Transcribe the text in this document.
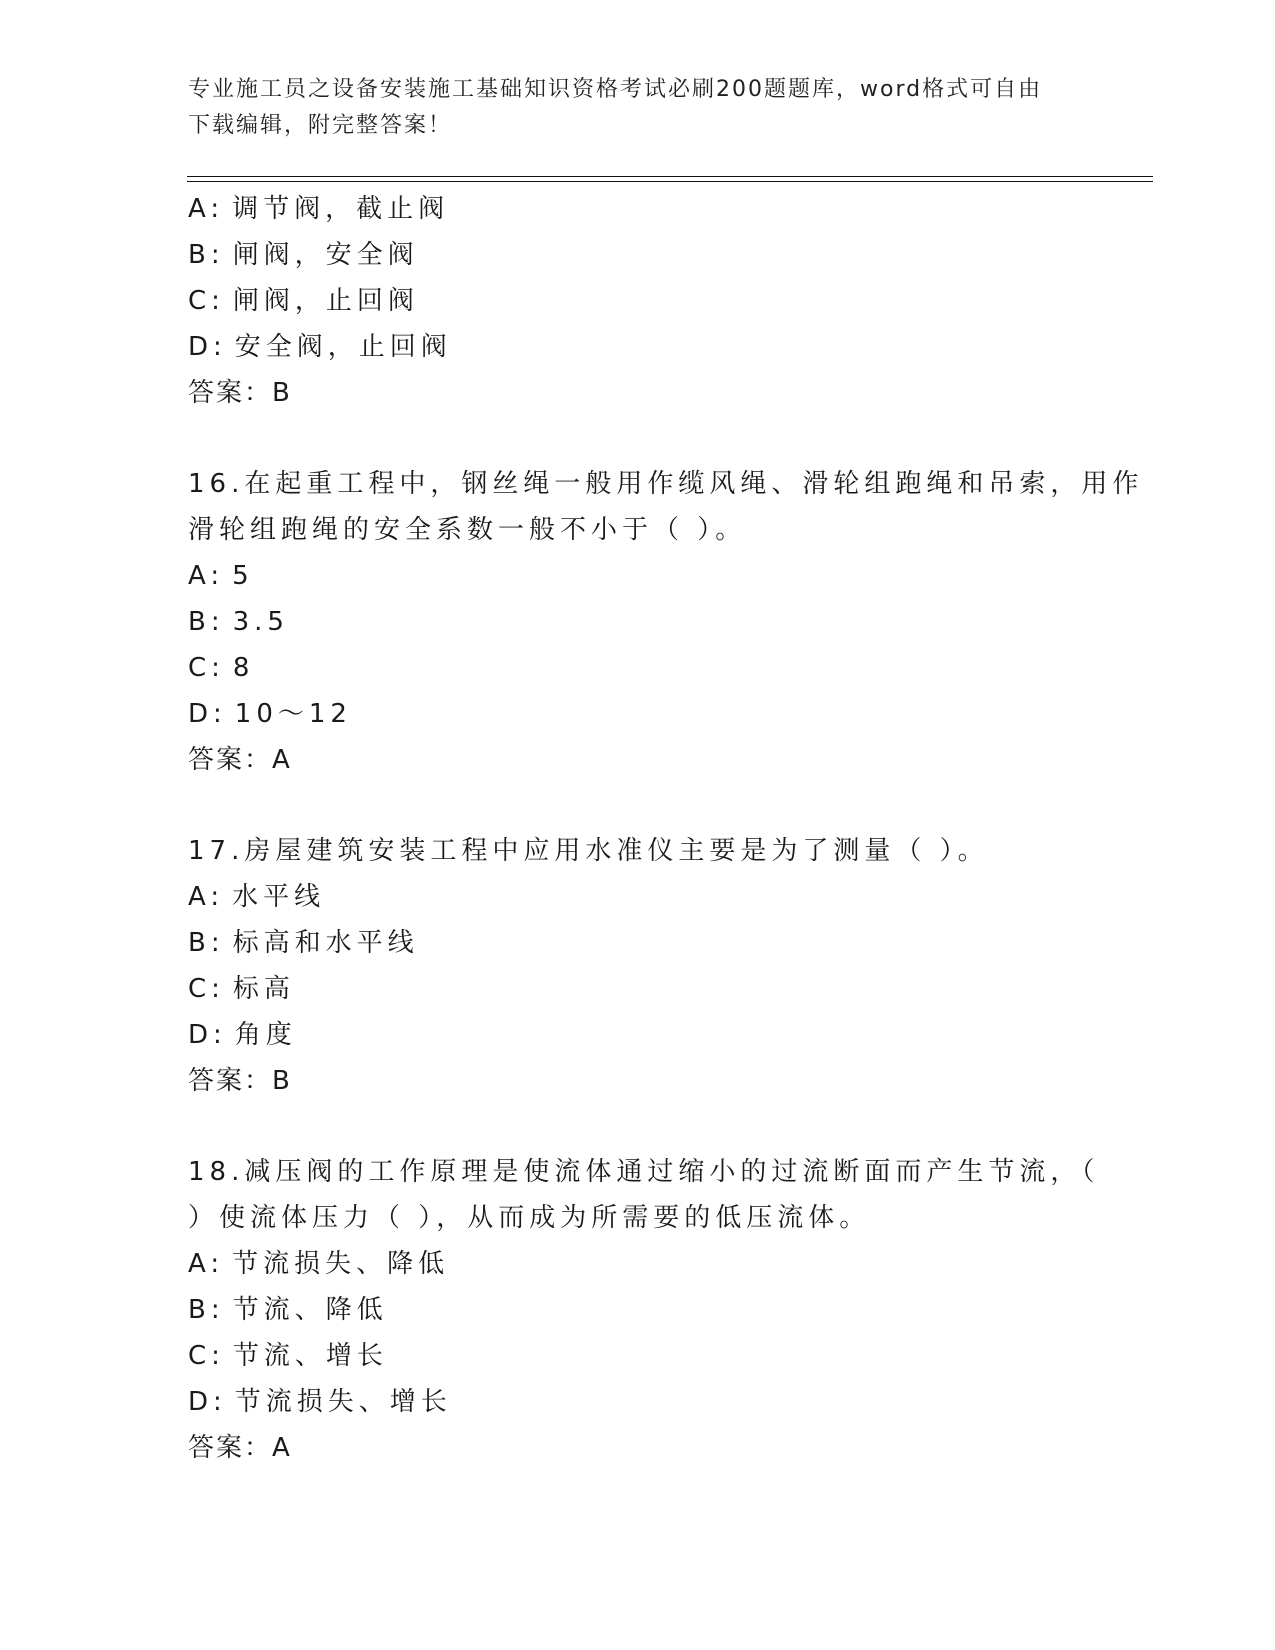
专业施工员之设备安装施工基础知识资格考试必刷200题题库，word格式可自由
下载编辑，附完整答案！
A: 调节阀，截止阀
B: 闸阀，安全阀
C: 闸阀，止回阀
D: 安全阀，止回阀
答案：B
16.在起重工程中，钢丝绳一般用作缆风绳、滑轮组跑绳和吊索，用作
滑轮组跑绳的安全系数一般不小于（ ）。
A: 5
B: 3.5
C: 8
D: 10～12
答案：A
17.房屋建筑安装工程中应用水准仪主要是为了测量（ ）。
A: 水平线
B: 标高和水平线
C: 标高
D: 角度
答案：B
18.减压阀的工作原理是使流体通过缩小的过流断面而产生节流，（
）使流体压力（ ），从而成为所需要的低压流体。
A: 节流损失、降低
B: 节流、降低
C: 节流、增长
D: 节流损失、增长
答案：A
